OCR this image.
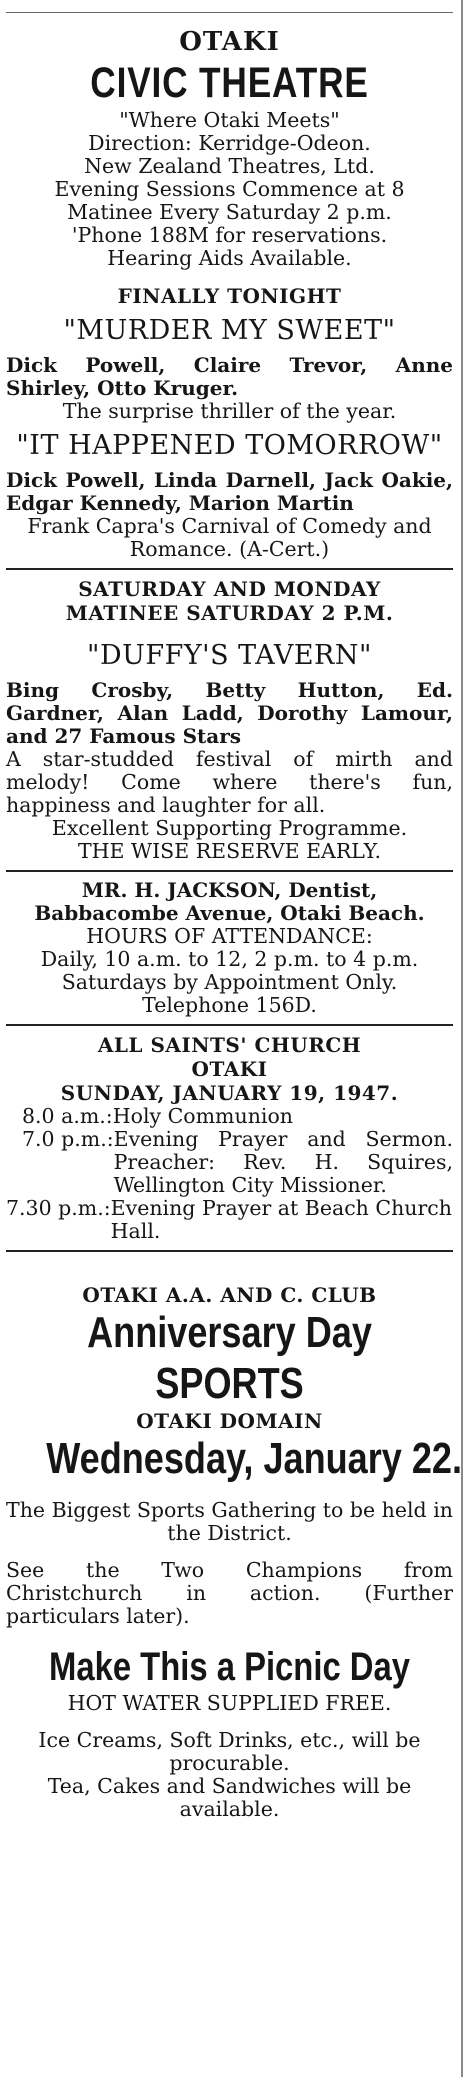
OTAKI
CIVIC THEATRE
"Where Otaki Meets"
Direction: Kerridge-Odeon.
New Zealand Theatres, Ltd.
Evening Sessions Commence at 8
Matinee Every Saturday 2 p.m.
'Phone 188M for reservations.
Hearing Aids Available.
FINALLY TONIGHT
"MURDER MY SWEET"
Dick Powell, Claire Trevor, Anne Shirley, Otto Kruger.
The surprise thriller of the year.
"IT HAPPENED TOMORROW"
Dick Powell, Linda Darnell, Jack Oakie, Edgar Kennedy, Marion Martin
Frank Capra's Carnival of Comedy and Romance. (A-Cert.)
SATURDAY AND MONDAY
MATINEE SATURDAY 2 P.M.
"DUFFY'S TAVERN"
Bing Crosby, Betty Hutton, Ed. Gardner, Alan Ladd, Dorothy Lamour, and 27 Famous Stars
A star-studded festival of mirth and melody! Come where there's fun, happiness and laughter for all.
Excellent Supporting Programme.
THE WISE RESERVE EARLY.
MR. H. JACKSON, Dentist,
Babbacombe Avenue, Otaki Beach.
HOURS OF ATTENDANCE:
Daily, 10 a.m. to 12, 2 p.m. to 4 p.m.
Saturdays by Appointment Only.
Telephone 156D.
ALL SAINTS' CHURCH
OTAKI
SUNDAY, JANUARY 19, 1947.
8.0 a.m.: Holy Communion
7.0 p.m.: Evening Prayer and Sermon. Preacher: Rev. H. Squires, Wellington City Missioner.
7.30 p.m.: Evening Prayer at Beach Church Hall.
OTAKI A.A. AND C. CLUB
Anniversary Day
SPORTS
OTAKI DOMAIN
Wednesday, January 22.
The Biggest Sports Gathering to be held in the District.
See the Two Champions from Christchurch in action. (Further particulars later).
Make This a Picnic Day
HOT WATER SUPPLIED FREE.
Ice Creams, Soft Drinks, etc., will be procurable.
Tea, Cakes and Sandwiches will be available.
